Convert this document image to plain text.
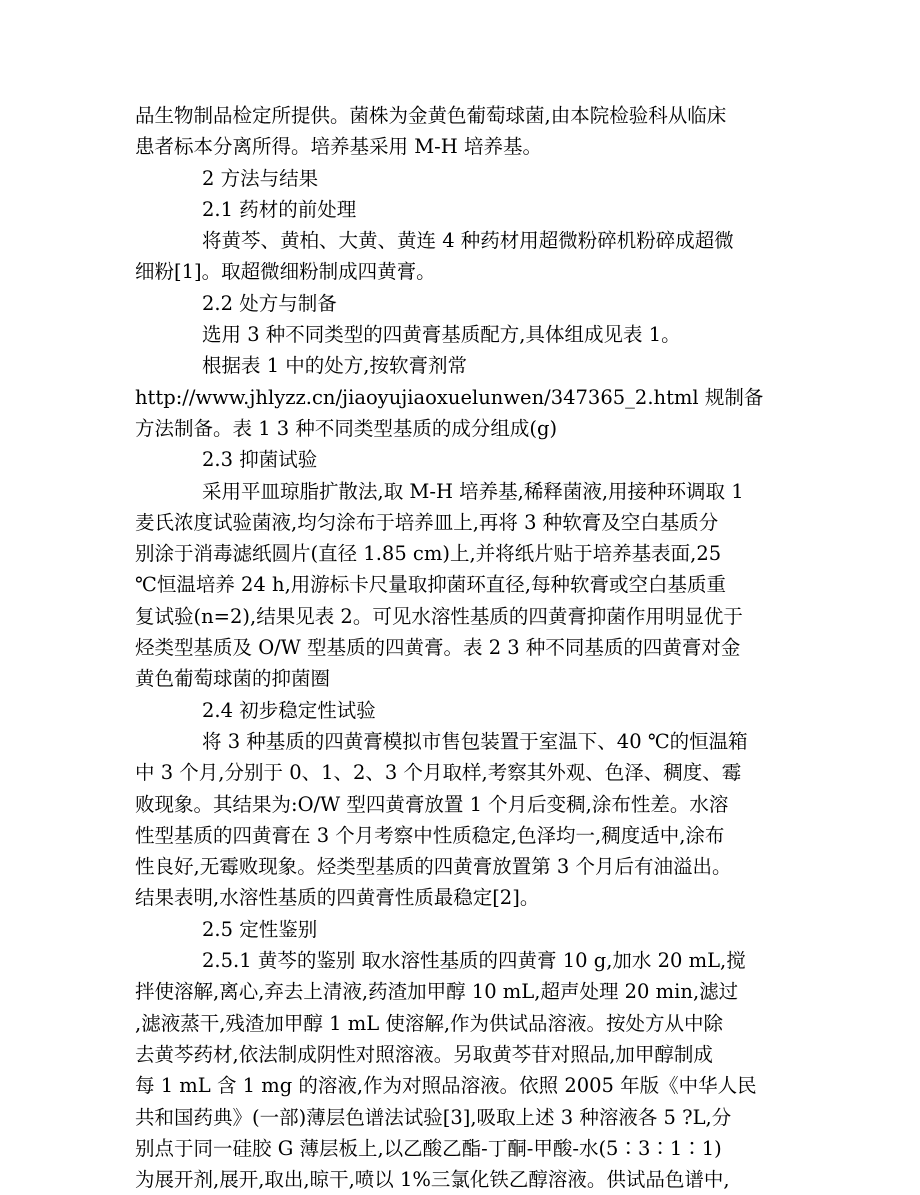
品生物制品检定所提供。菌株为金黄色葡萄球菌,由本院检验科从临床
患者标本分离所得。培养基采用 M-H 培养基。
2 方法与结果
2.1 药材的前处理
将黄芩、黄柏、大黄、黄连 4 种药材用超微粉碎机粉碎成超微
细粉[1]。取超微细粉制成四黄膏。
2.2 处方与制备
选用 3 种不同类型的四黄膏基质配方,具体组成见表 1。
根据表 1 中的处方,按软膏剂常
http://www.jhlyzz.cn/jiaoyujiaoxuelunwen/347365_2.html 规制备
方法制备。表 1 3 种不同类型基质的成分组成(g)
2.3 抑菌试验
采用平皿琼脂扩散法,取 M-H 培养基,稀释菌液,用接种环调取 1
麦氏浓度试验菌液,均匀涂布于培养皿上,再将 3 种软膏及空白基质分
别涂于消毒滤纸圆片(直径 1.85 cm)上,并将纸片贴于培养基表面,25
℃恒温培养 24 h,用游标卡尺量取抑菌环直径,每种软膏或空白基质重
复试验(n=2),结果见表 2。可见水溶性基质的四黄膏抑菌作用明显优于
烃类型基质及 O/W 型基质的四黄膏。表 2 3 种不同基质的四黄膏对金
黄色葡萄球菌的抑菌圈
2.4 初步稳定性试验
将 3 种基质的四黄膏模拟市售包装置于室温下、40 ℃的恒温箱
中 3 个月,分别于 0、1、2、3 个月取样,考察其外观、色泽、稠度、霉
败现象。其结果为:O/W 型四黄膏放置 1 个月后变稠,涂布性差。水溶
性型基质的四黄膏在 3 个月考察中性质稳定,色泽均一,稠度适中,涂布
性良好,无霉败现象。烃类型基质的四黄膏放置第 3 个月后有油溢出。
结果表明,水溶性基质的四黄膏性质最稳定[2]。
2.5 定性鉴别
2.5.1 黄芩的鉴别 取水溶性基质的四黄膏 10 g,加水 20 mL,搅
拌使溶解,离心,弃去上清液,药渣加甲醇 10 mL,超声处理 20 min,滤过
,滤液蒸干,残渣加甲醇 1 mL 使溶解,作为供试品溶液。按处方从中除
去黄芩药材,依法制成阴性对照溶液。另取黄芩苷对照品,加甲醇制成
每 1 mL 含 1 mg 的溶液,作为对照品溶液。依照 2005 年版《中华人民
共和国药典》(一部)薄层色谱法试验[3],吸取上述 3 种溶液各 5 ?L,分
别点于同一硅胶 G 薄层板上,以乙酸乙酯-丁酮-甲酸-水(5∶3∶1∶1)
为展开剂,展开,取出,晾干,喷以 1%三氯化铁乙醇溶液。供试品色谱中,
